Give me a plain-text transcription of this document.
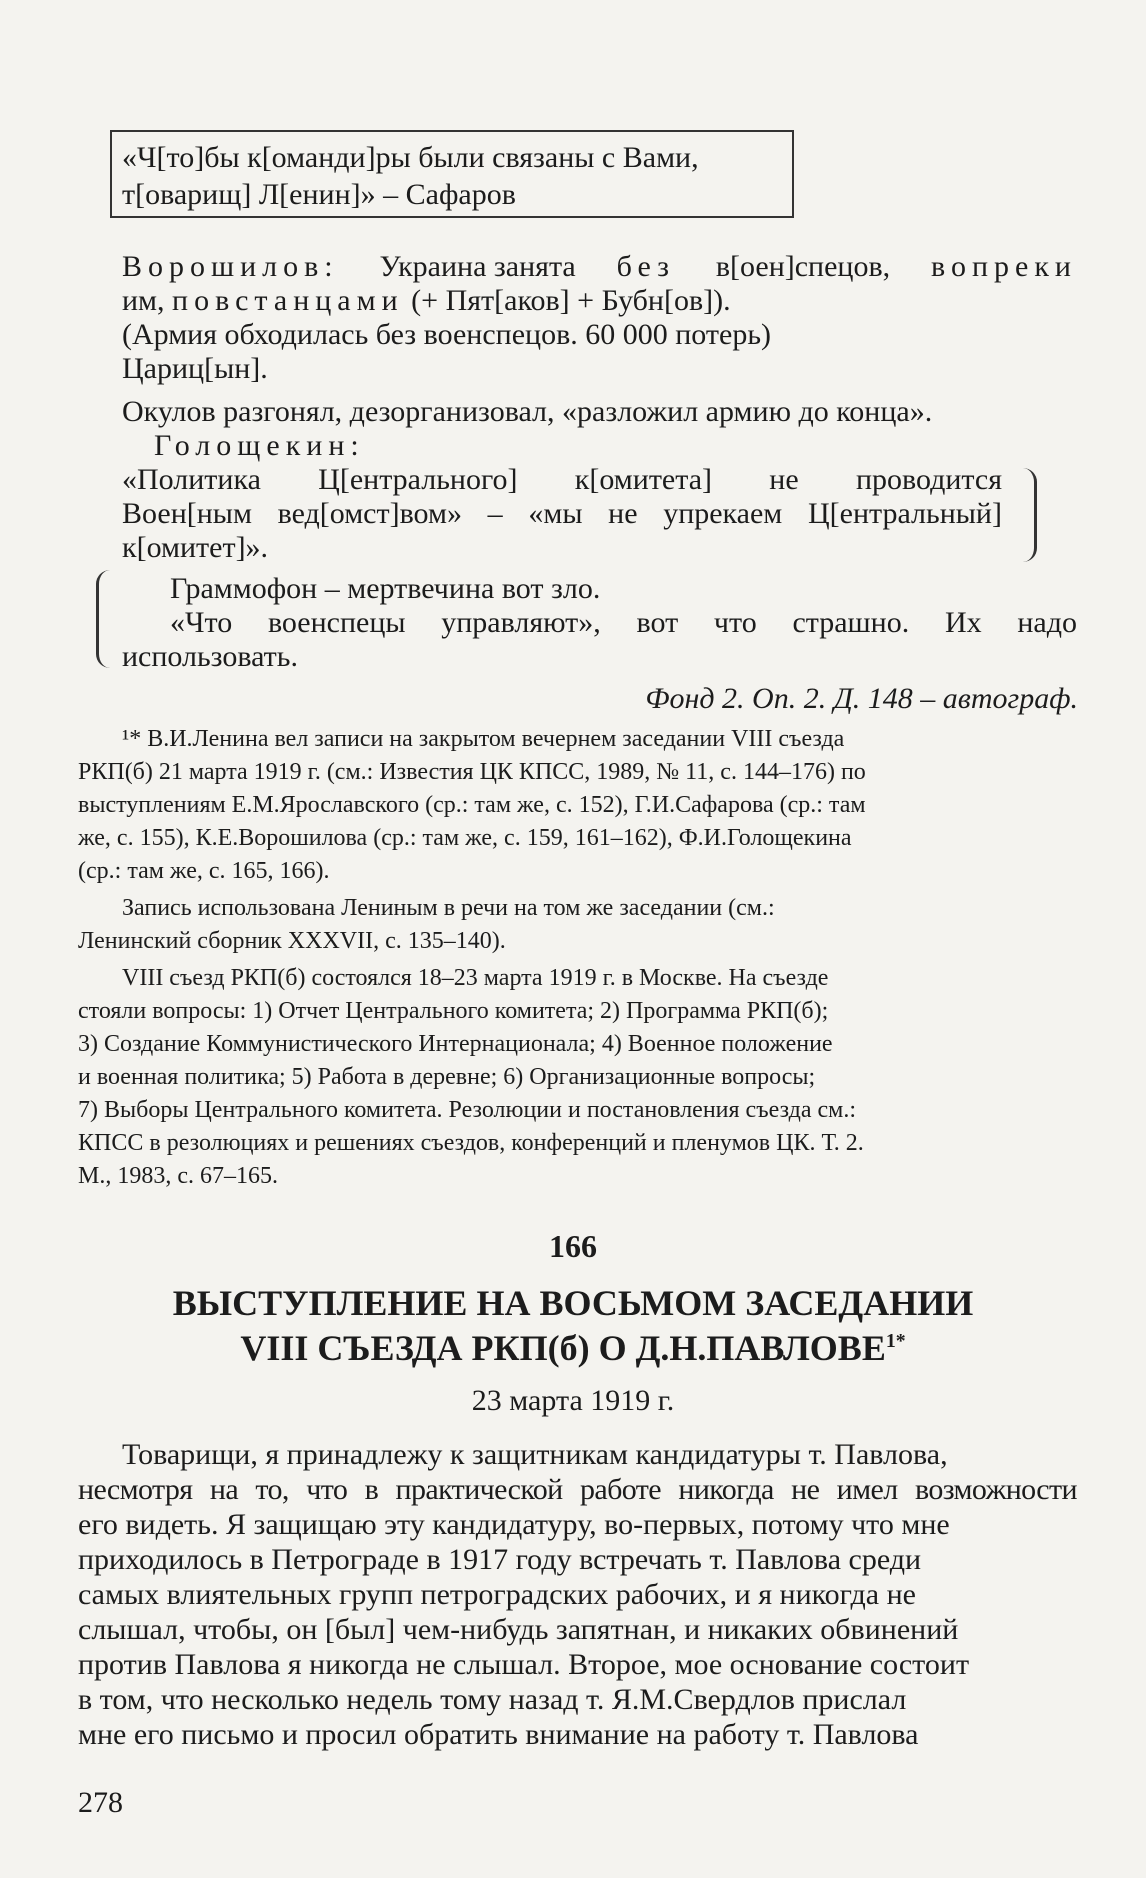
«Ч[то]бы к[оманди]ры были связаны с Вами,
т[оварищ] Л[енин]» – Сафаров
Ворошилов: Украина занята без в[оен]спецов, вопреки
им, повстанцами (+ Пят[аков] + Бубн[ов]).
(Армия обходилась без военспецов. 60 000 потерь)
Цариц[ын].
Окулов разгонял, дезорганизовал, «разложил армию до конца».
Голощекин:
«Политика Ц[ентрального] к[омитета] не проводится
Воен[ным вед[омст]вом» – «мы не упрекаем Ц[ентральный]
к[омитет]».
Граммофон – мертвечина вот зло.
«Что военспецы управляют», вот что страшно. Их надо
использовать.
Фонд 2. Оп. 2. Д. 148 – автограф.
¹* В.И.Ленина вел записи на закрытом вечернем заседании VIII съезда
РКП(б) 21 марта 1919 г. (см.: Известия ЦК КПСС, 1989, № 11, с. 144–176) по
выступлениям Е.М.Ярославского (ср.: там же, с. 152), Г.И.Сафарова (ср.: там
же, с. 155), К.Е.Ворошилова (ср.: там же, с. 159, 161–162), Ф.И.Голощекина
(ср.: там же, с. 165, 166).
Запись использована Лениным в речи на том же заседании (см.:
Ленинский сборник XXXVII, с. 135–140).
VIII съезд РКП(б) состоялся 18–23 марта 1919 г. в Москве. На съезде
стояли вопросы: 1) Отчет Центрального комитета; 2) Программа РКП(б);
3) Создание Коммунистического Интернационала; 4) Военное положение
и военная политика; 5) Работа в деревне; 6) Организационные вопросы;
7) Выборы Центрального комитета. Резолюции и постановления съезда см.:
КПСС в резолюциях и решениях съездов, конференций и пленумов ЦК. Т. 2.
М., 1983, с. 67–165.
166
ВЫСТУПЛЕНИЕ НА ВОСЬМОМ ЗАСЕДАНИИ
VIII СЪЕЗДА РКП(б) О $Д.Н.ПАВЛОВЕ^{1*}$
23 марта 1919 г.
Товарищи, я принадлежу к защитникам кандидатуры т. Павлова,
несмотря на то, что в практической работе никогда не имел возможности
его видеть. Я защищаю эту кандидатуру, во-первых, потому что мне
приходилось в Петрограде в 1917 году встречать т. Павлова среди
самых влиятельных групп петроградских рабочих, и я никогда не
слышал, чтобы, он [был] чем-нибудь запятнан, и никаких обвинений
против Павлова я никогда не слышал. Второе, мое основание состоит
в том, что несколько недель тому назад т. Я.М.Свердлов прислал
мне его письмо и просил обратить внимание на работу т. Павлова
278
